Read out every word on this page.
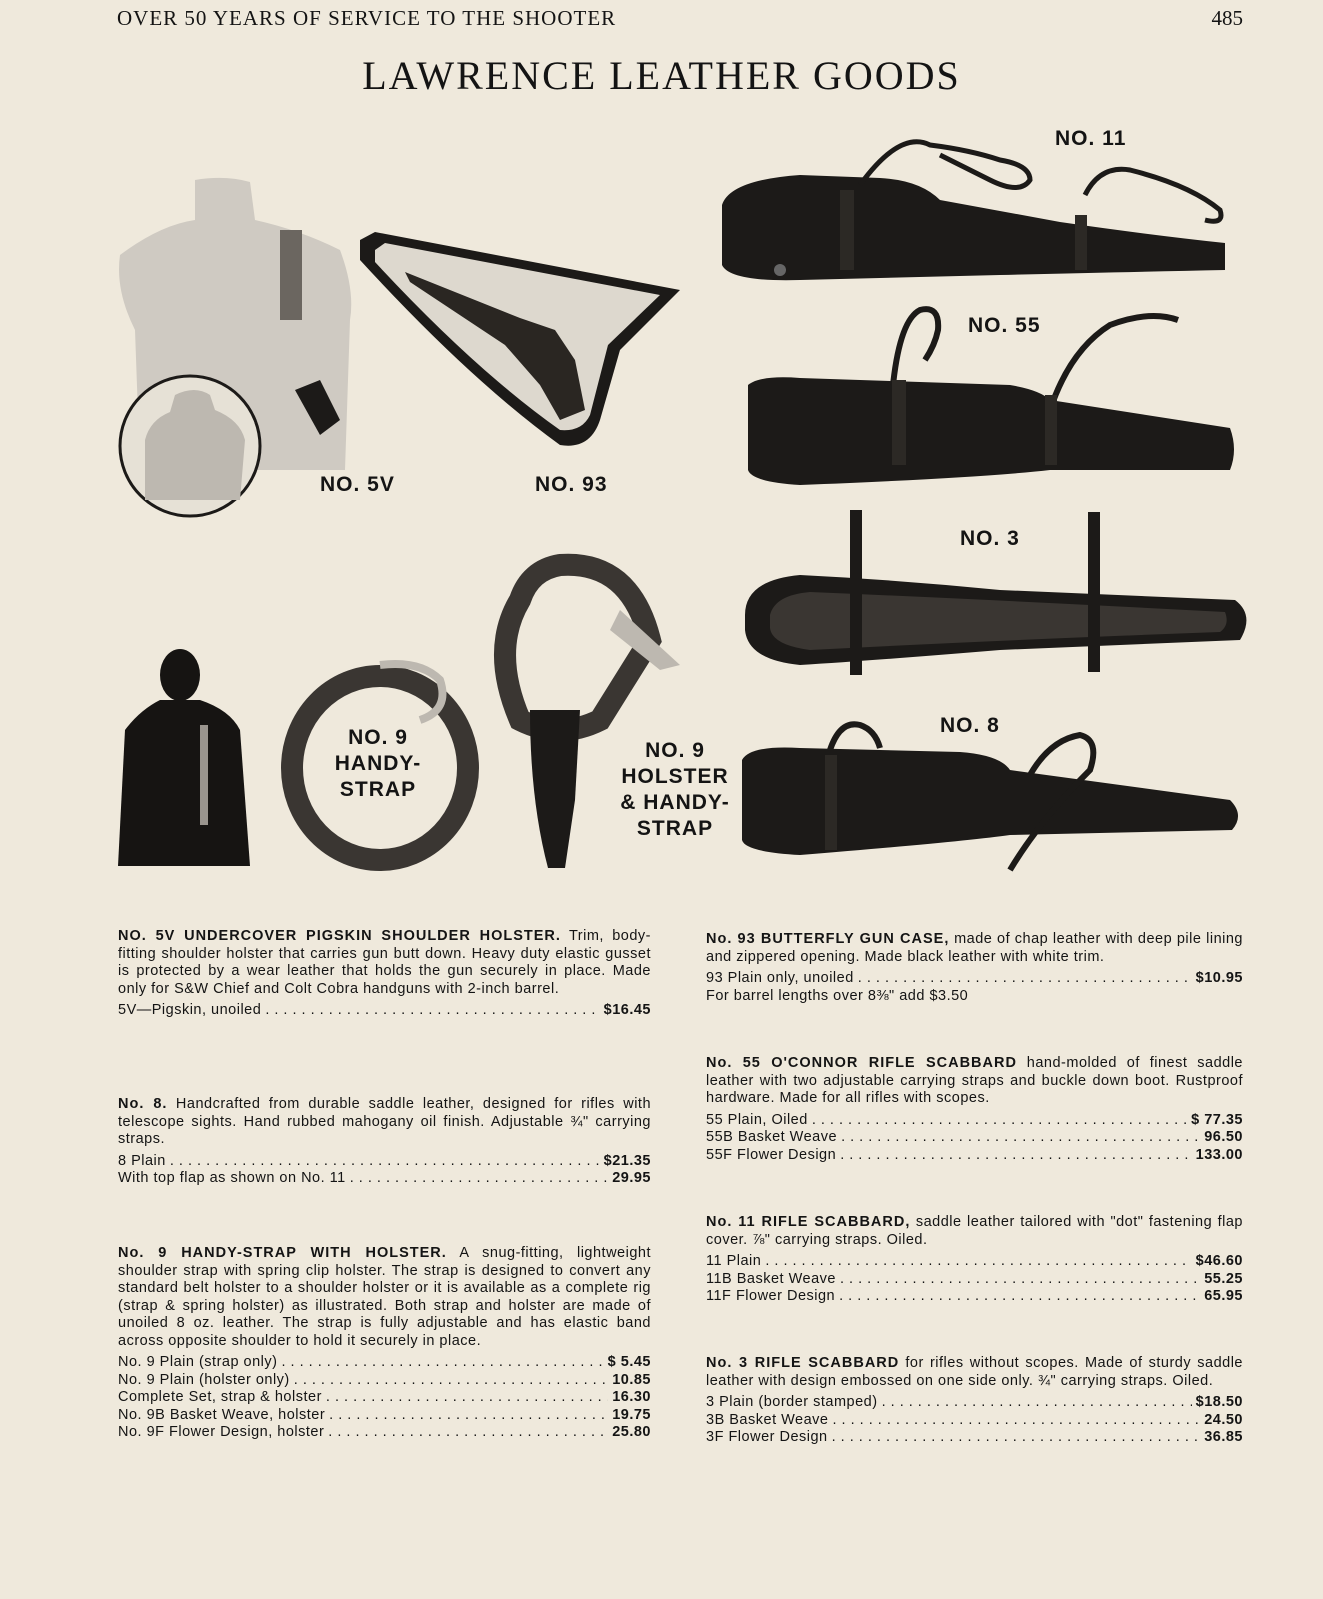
OVER 50 YEARS OF SERVICE TO THE SHOOTER	485
LAWRENCE LEATHER GOODS
NO. 11
NO. 55
NO. 5V	NO. 93
NO. 3
NO. 8
NO. 9
HANDY-
STRAP
NO. 9
HOLSTER
& HANDY-
STRAP

NO. 5V UNDERCOVER PIGSKIN SHOULDER HOLSTER. Trim, body-fitting shoulder holster that carries gun butt down. Heavy duty elastic gusset is protected by a wear leather that holds the gun securely in place. Made only for S&W Chief and Colt Cobra handguns with 2-inch barrel.

5V—Pigskin, unoiled . . .	$16.45

No. 8. Handcrafted from durable saddle leather, designed for rifles with telescope sights. Hand rubbed mahogany oil finish. Adjustable ¾" carrying straps.

8 Plain . . .	$21.35
With top flap as shown on No. 11 . . .	29.95

No. 9 HANDY-STRAP WITH HOLSTER. A snug-fitting, lightweight shoulder strap with spring clip holster. The strap is designed to convert any standard belt holster to a shoulder holster or it is available as a complete rig (strap & spring holster) as illustrated. Both strap and holster are made of unoiled 8 oz. leather. The strap is fully adjustable and has elastic band across opposite shoulder to hold it securely in place.

No. 9 Plain (strap only) . . .	$ 5.45
No. 9 Plain (holster only) . . .	10.85
Complete Set, strap & holster . . .	16.30
No. 9B Basket Weave, holster . . .	19.75
No. 9F Flower Design, holster . . .	25.80

No. 93 BUTTERFLY GUN CASE, made of chap leather with deep pile lining and zippered opening. Made black leather with white trim.

93 Plain only, unoiled . . .	$10.95
For barrel lengths over 8⅜" add $3.50

No. 55 O'CONNOR RIFLE SCABBARD hand-molded of finest saddle leather with two adjustable carrying straps and buckle down boot. Rustproof hardware. Made for all rifles with scopes.

55 Plain, Oiled . . .	$ 77.35
55B Basket Weave . . .	96.50
55F Flower Design . . .	133.00

No. 11 RIFLE SCABBARD, saddle leather tailored with "dot" fastening flap cover. ⅞" carrying straps. Oiled.

11 Plain . . .	$46.60
11B Basket Weave . . .	55.25
11F Flower Design . . .	65.95

No. 3 RIFLE SCABBARD for rifles without scopes. Made of sturdy saddle leather with design embossed on one side only. ¾" carrying straps. Oiled.

3 Plain (border stamped) . . .	$18.50
3B Basket Weave . . .	24.50
3F Flower Design . . .	36.85
